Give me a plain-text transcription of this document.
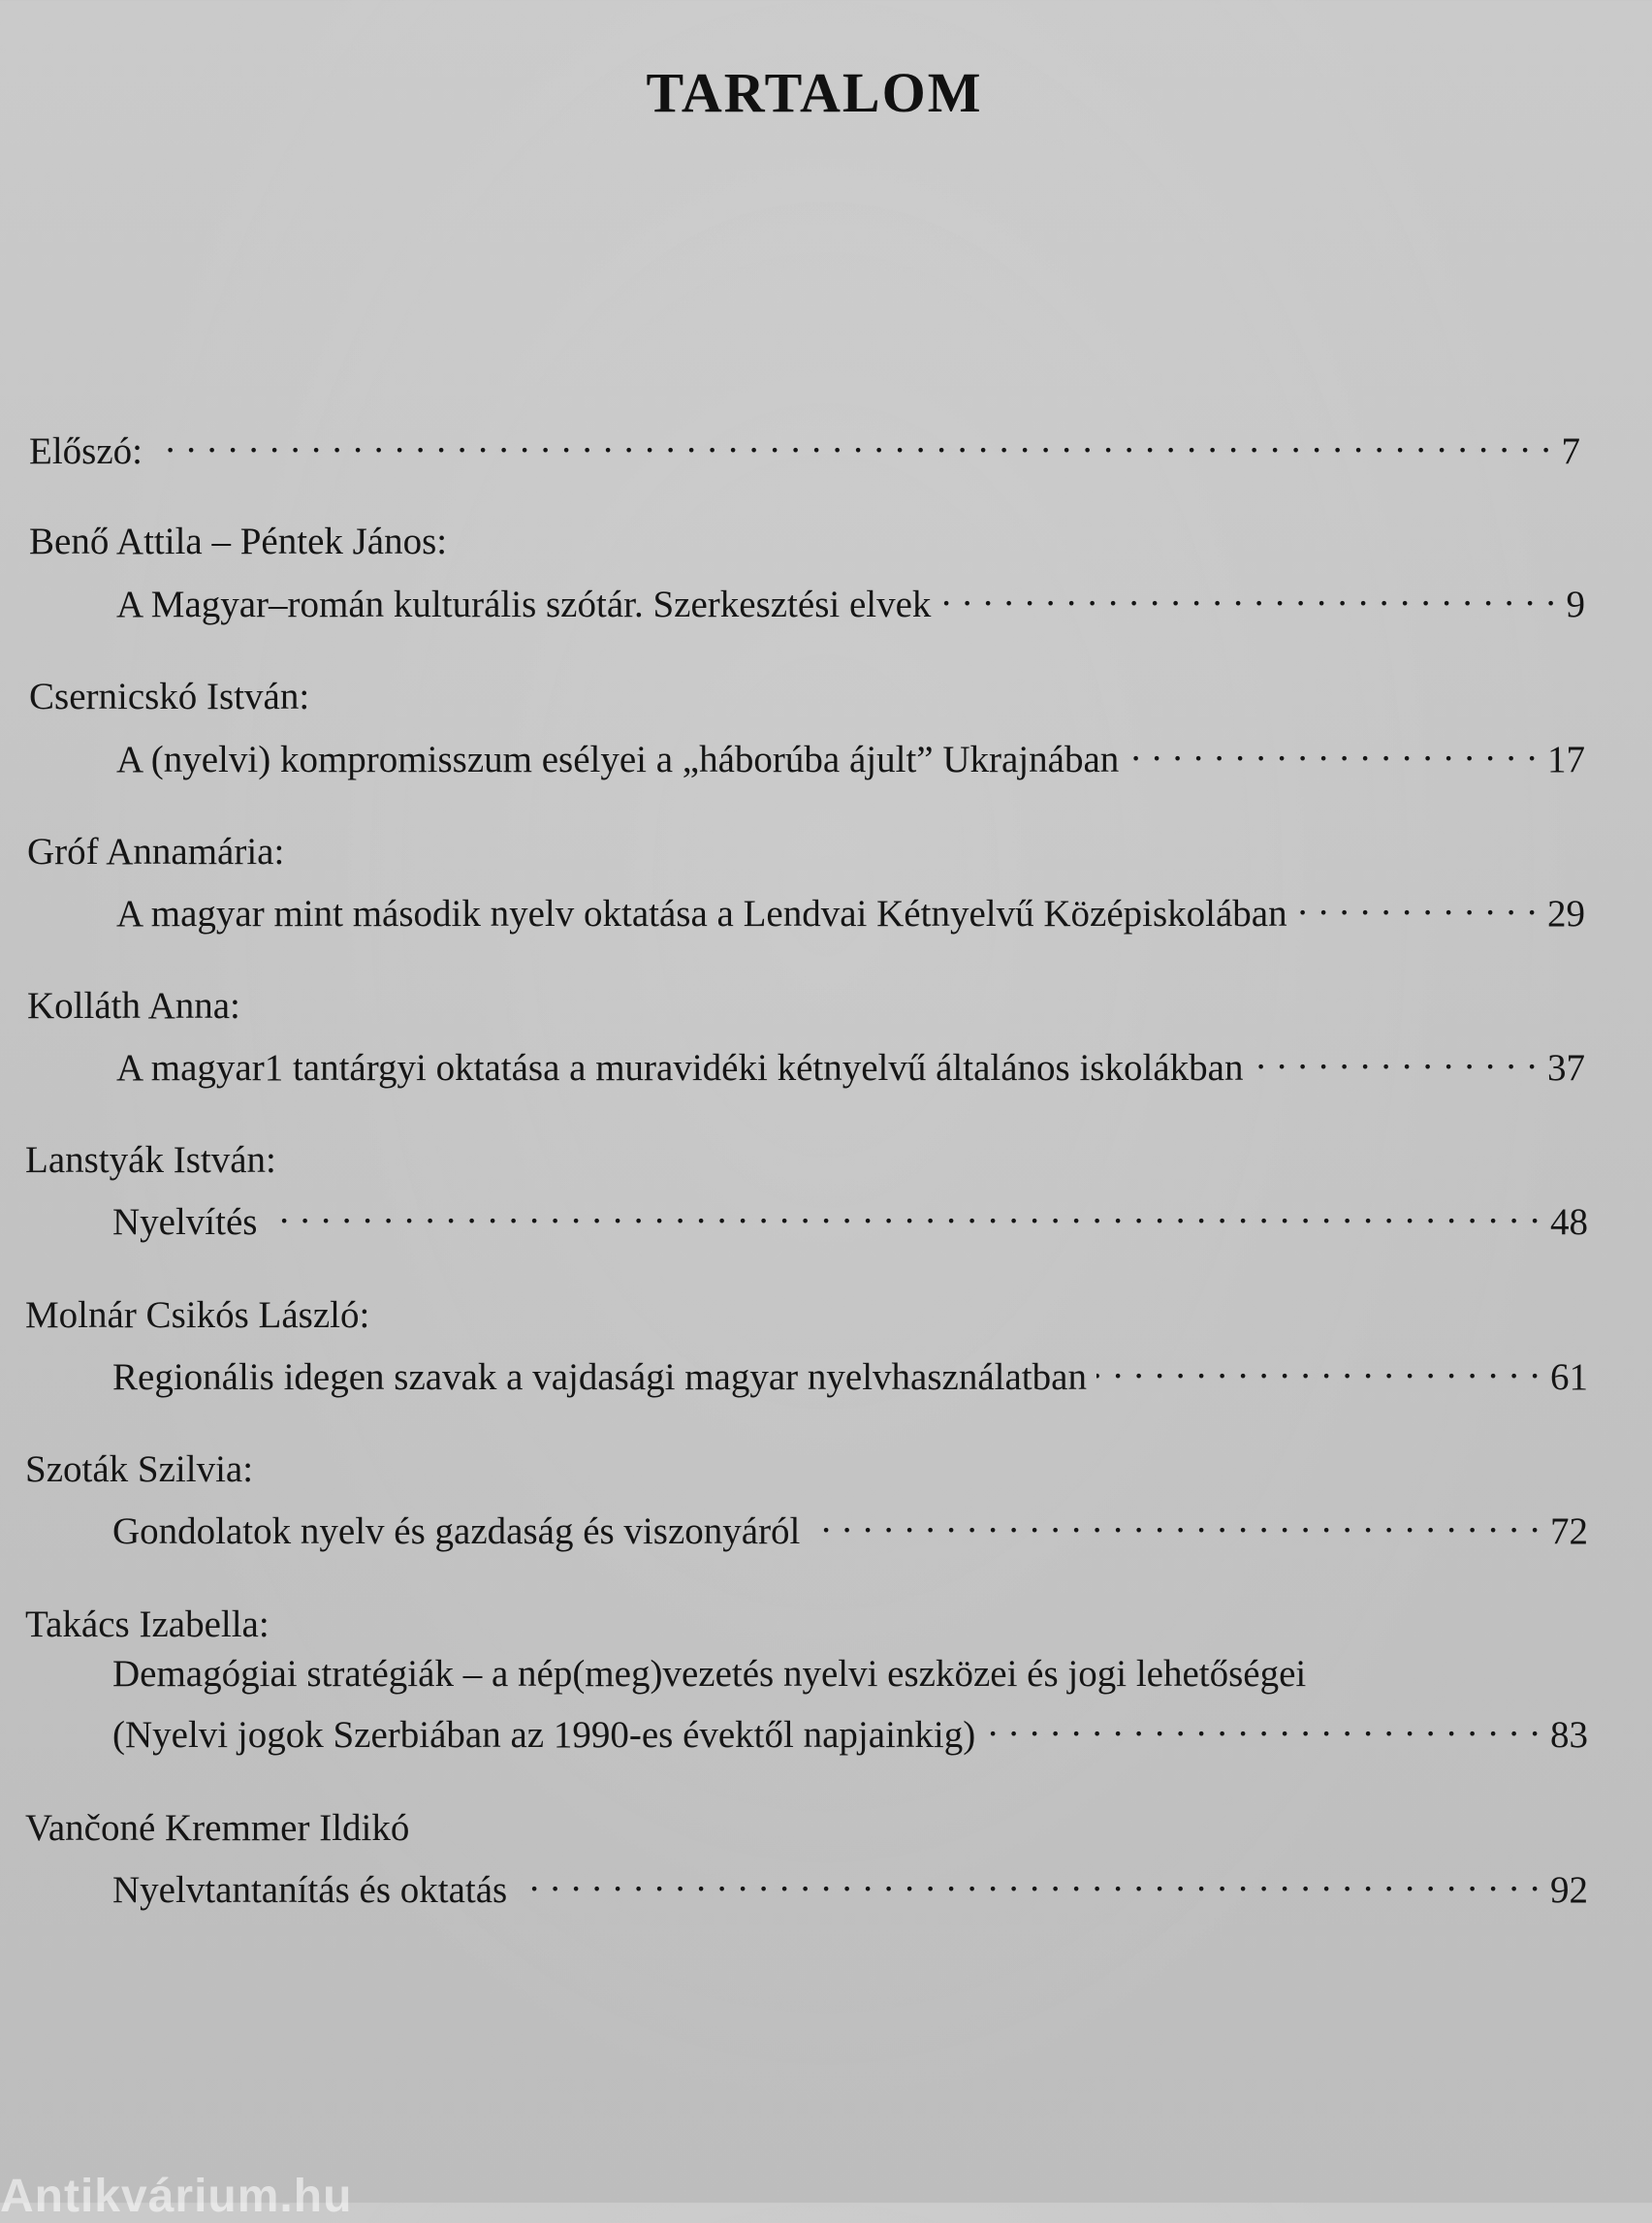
TARTALOM
Előszó: . . .	7
Benő Attila – Péntek János:
A Magyar–román kulturális szótár. Szerkesztési elvek . . .	9
Csernicskó István:
A (nyelvi) kompromisszum esélyei a „háborúba ájult” Ukrajnában . . .	17
Gróf Annamária:
A magyar mint második nyelv oktatása a Lendvai Kétnyelvű Középiskolában . . .	29
Kolláth Anna:
A magyar1 tantárgyi oktatása a muravidéki kétnyelvű általános iskolákban . . .	37
Lanstyák István:
Nyelvítés . . .	48
Molnár Csikós László:
Regionális idegen szavak a vajdasági magyar nyelvhasználatban . . .	61
Szoták Szilvia:
Gondolatok nyelv és gazdaság és viszonyáról . . .	72
Takács Izabella:
Demagógiai stratégiák – a nép(meg)vezetés nyelvi eszközei és jogi lehetőségei
(Nyelvi jogok Szerbiában az 1990-es évektől napjainkig) . . .	83
Vančoné Kremmer Ildikó
Nyelvtantanítás és oktatás . . .	92
Antikvárium.hu
